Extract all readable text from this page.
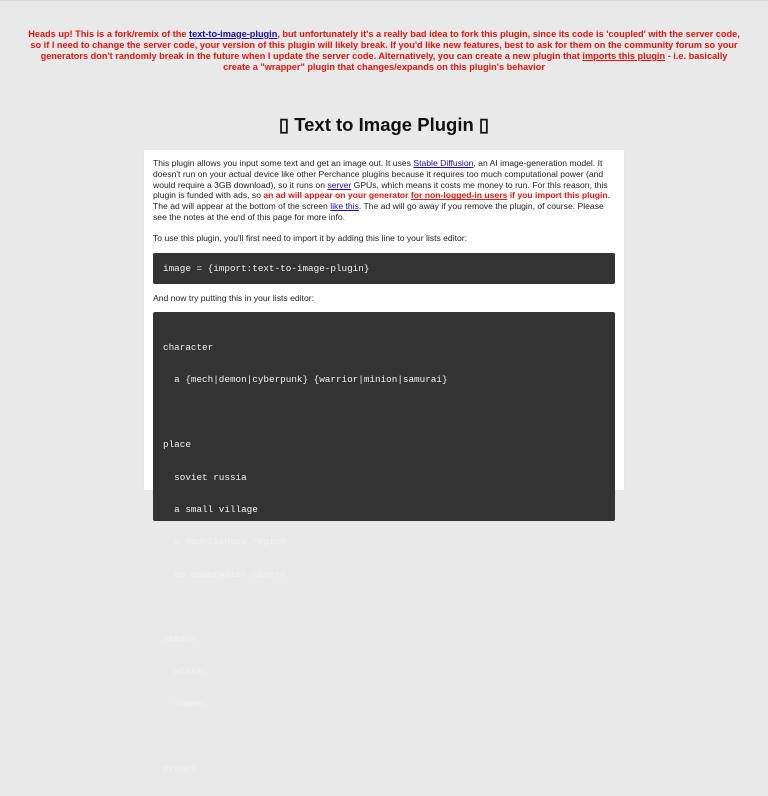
Heads up! This is a fork/remix of the text-to-image-plugin, but unfortunately it's a really bad idea to fork this plugin, since its code is 'coupled' with the server code, so if I need to change the server code, your version of this plugin will likely break. If you'd like new features, best to ask for them on the community forum so your generators don't randomly break in the future when I update the server code. Alternatively, you can create a new plugin that imports this plugin - i.e. basically create a "wrapper" plugin that changes/expands on this plugin's behavior
▯ Text to Image Plugin ▯

This plugin allows you input some text and get an image out. It uses Stable Diffusion, an AI image-generation model. It doesn't run on your actual device like other Perchance plugins because it requires too much computational power (and would require a 3GB download), so it runs on server GPUs, which means it costs me money to run. For this reason, this plugin is funded with ads, so an ad will appear on your generator for non-logged-in users if you import this plugin. The ad will appear at the bottom of the screen like this. The ad will go away if you remove the plugin, of course. Please see the notes at the end of this page for more info.

To use this plugin, you'll first need to import it by adding this line to your lists editor:

image = {import:text-to-image-plugin}

And now try putting this in your lists editor:

character

a {mech|demon|cyberpunk} {warrior|minion|samurai}

place

soviet russia

a small village

a mountainous region

an underwater cavern

season

winter

summer

prompt
